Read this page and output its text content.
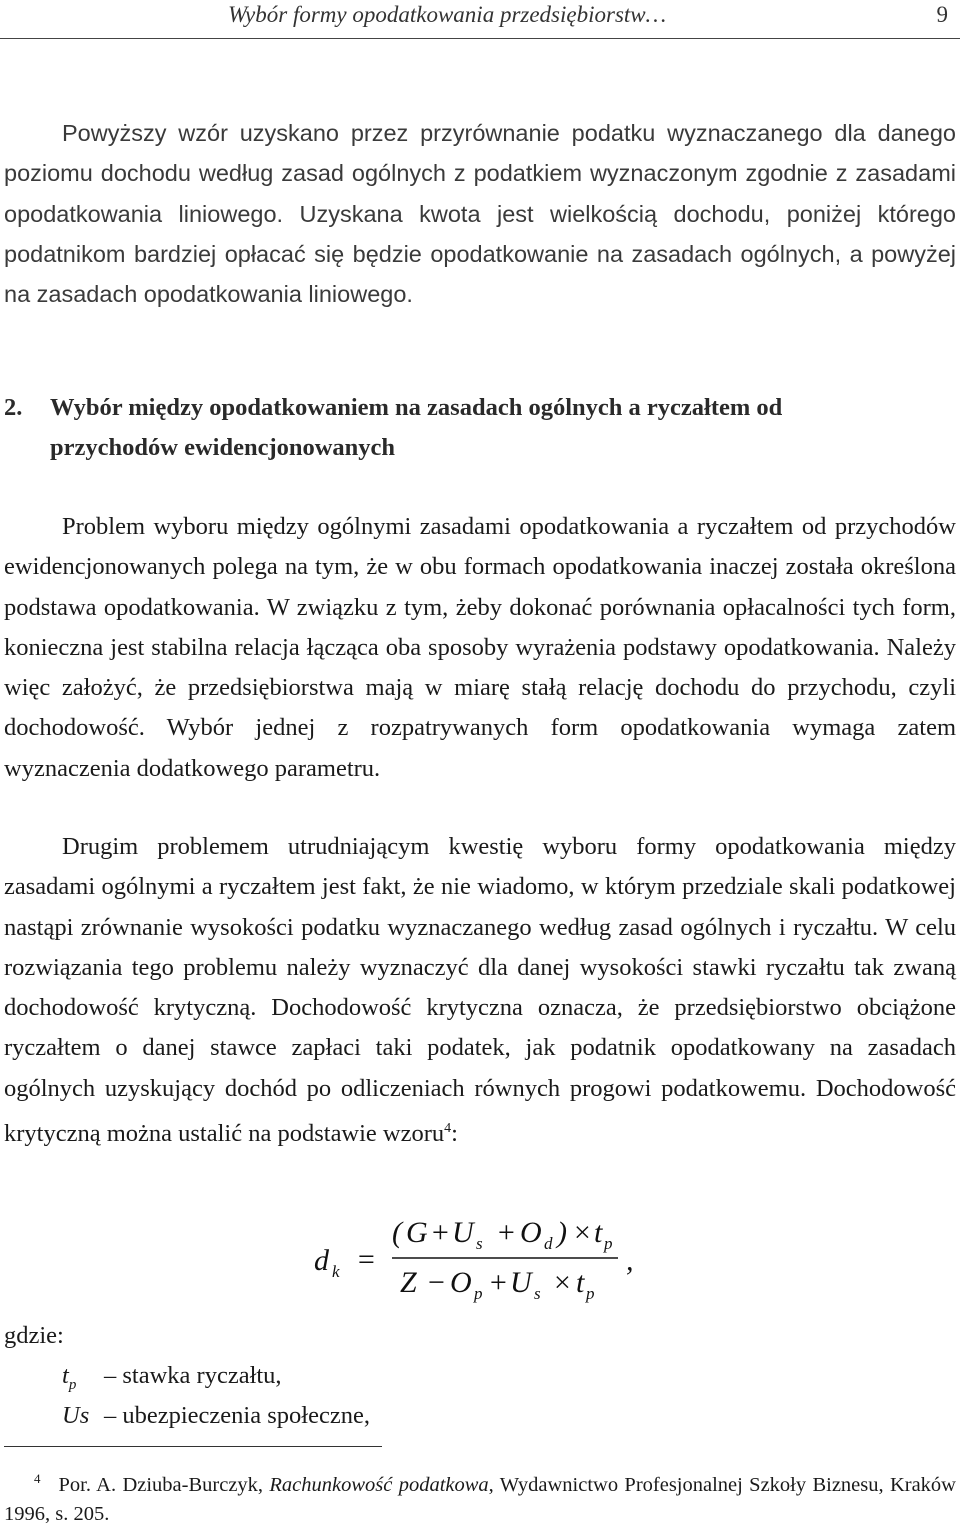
Wybór formy opodatkowania przedsiębiorstw…	9
Powyższy wzór uzyskano przez przyrównanie podatku wyznaczanego dla danego poziomu dochodu według zasad ogólnych z podatkiem wyznaczonym zgodnie z zasadami opodatkowania liniowego. Uzyskana kwota jest wielkością dochodu, poniżej którego podatnikom bardziej opłacać się będzie opodatkowanie na zasadach ogólnych, a powyżej na zasadach opodatkowania liniowego.
2. Wybór między opodatkowaniem na zasadach ogólnych a ryczałtem od przychodów ewidencjonowanych
Problem wyboru między ogólnymi zasadami opodatkowania a ryczałtem od przychodów ewidencjonowanych polega na tym, że w obu formach opodatkowania inaczej została określona podstawa opodatkowania. W związku z tym, żeby dokonać porównania opłacalności tych form, konieczna jest stabilna relacja łącząca oba sposoby wyrażenia podstawy opodatkowania. Należy więc założyć, że przedsiębiorstwa mają w miarę stałą relację dochodu do przychodu, czyli dochodowość. Wybór jednej z rozpatrywanych form opodatkowania wymaga zatem wyznaczenia dodatkowego parametru.
Drugim problemem utrudniającym kwestię wyboru formy opodatkowania między zasadami ogólnymi a ryczałtem jest fakt, że nie wiadomo, w którym przedziale skali podatkowej nastąpi zrównanie wysokości podatku wyznaczanego według zasad ogólnych i ryczałtu. W celu rozwiązania tego problemu należy wyznaczyć dla danej wysokości stawki ryczałtu tak zwaną dochodowość krytyczną. Dochodowość krytyczna oznacza, że przedsiębiorstwo obciążone ryczałtem o danej stawce zapłaci taki podatek, jak podatnik opodatkowany na zasadach ogólnych uzyskujący dochód po odliczeniach równych progowi podatkowemu. Dochodowość krytyczną można ustalić na podstawie wzoru$^4$:
d k =
( G + U s + O d ) × t p
Z − O p + U s × t p
,
gdzie:
$t_p$ – stawka ryczałtu,
Us – ubezpieczenia społeczne,
$^4$ Por. A. Dziuba-Burczyk, Rachunkowość podatkowa, Wydawnictwo Profesjonalnej Szkoły Biznesu, Kraków 1996, s. 205.
